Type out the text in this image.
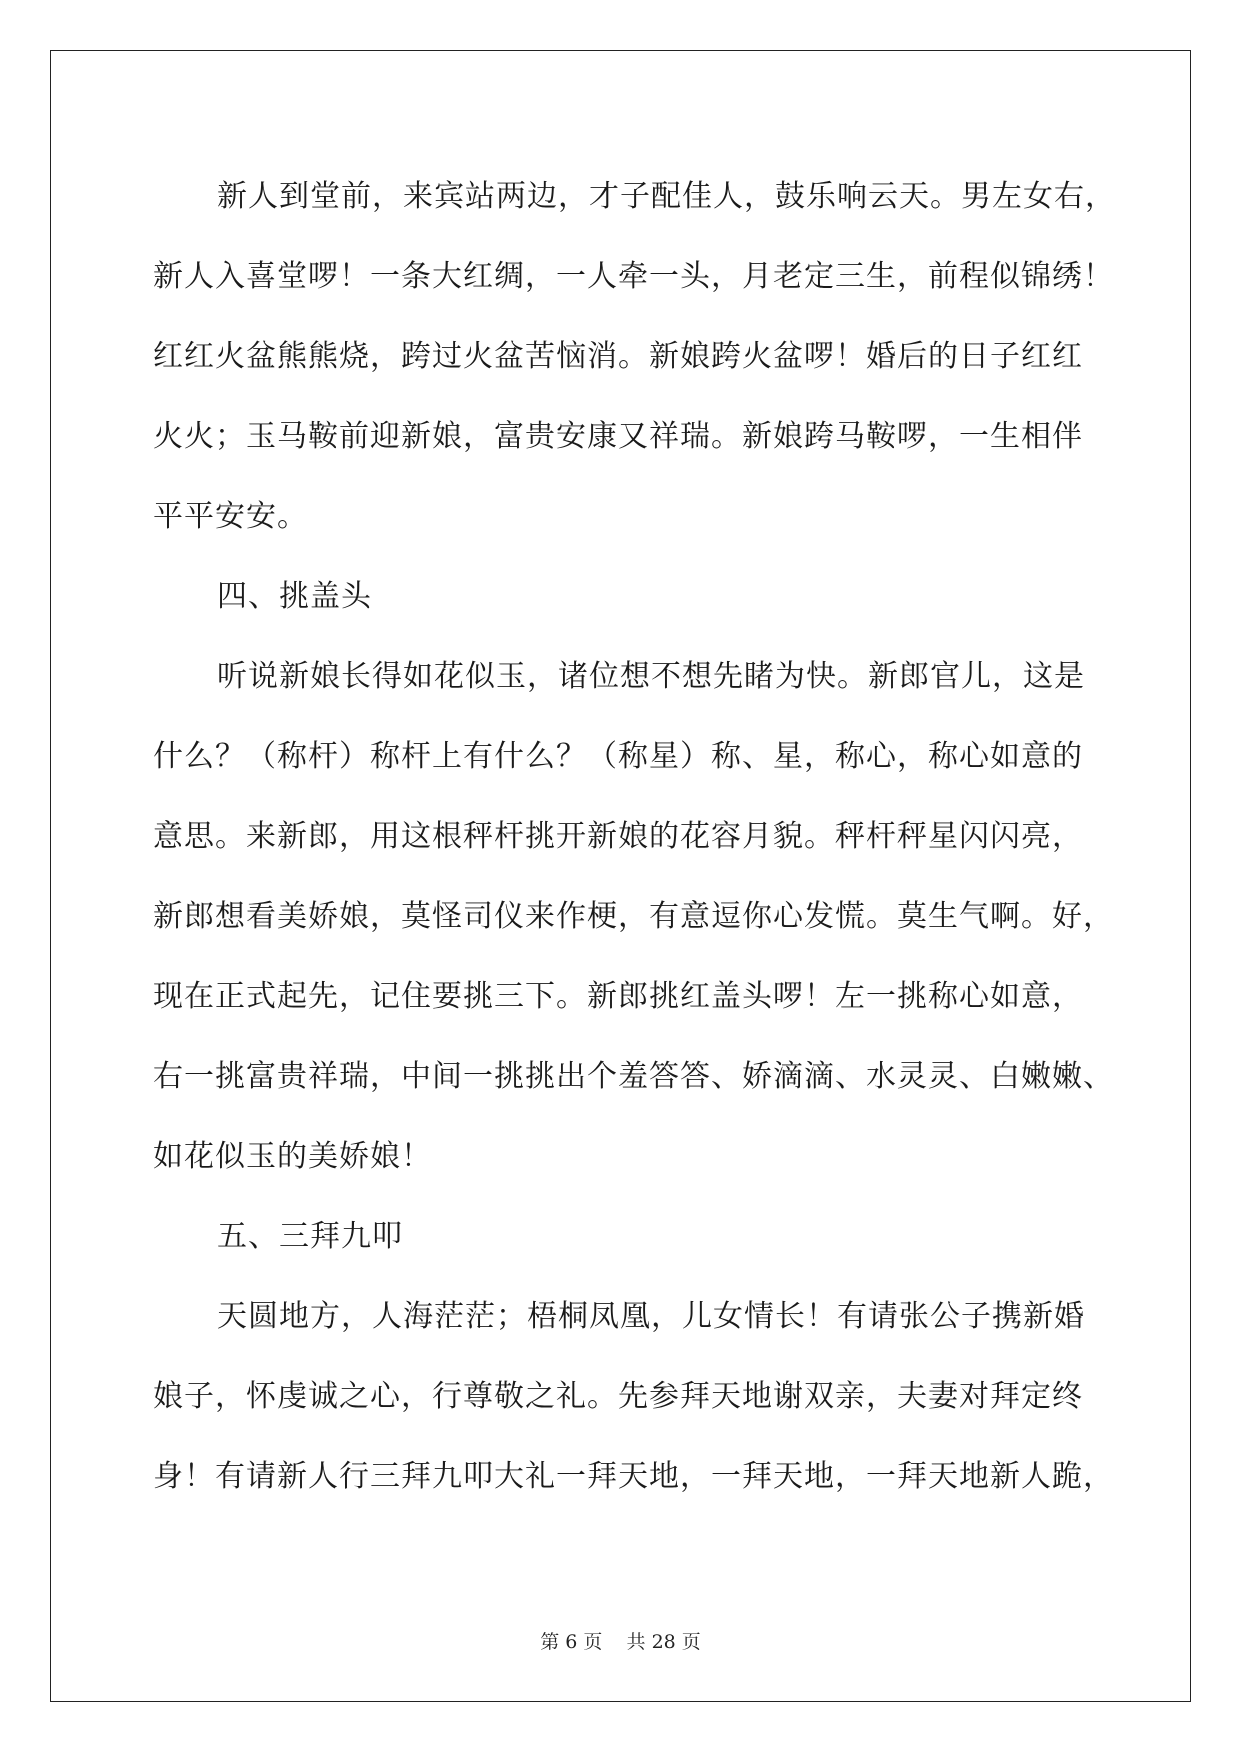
新人到堂前，来宾站两边，才子配佳人，鼓乐响云天。男左女右，
新人入喜堂啰！一条大红绸，一人牵一头，月老定三生，前程似锦绣！
红红火盆熊熊烧，跨过火盆苦恼消。新娘跨火盆啰！婚后的日子红红
火火；玉马鞍前迎新娘，富贵安康又祥瑞。新娘跨马鞍啰，一生相伴
平平安安。
四、挑盖头
听说新娘长得如花似玉，诸位想不想先睹为快。新郎官儿，这是
什么？（称杆）称杆上有什么？（称星）称、星，称心，称心如意的
意思。来新郎，用这根秤杆挑开新娘的花容月貌。秤杆秤星闪闪亮，
新郎想看美娇娘，莫怪司仪来作梗，有意逗你心发慌。莫生气啊。好，
现在正式起先，记住要挑三下。新郎挑红盖头啰！左一挑称心如意，
右一挑富贵祥瑞，中间一挑挑出个羞答答、娇滴滴、水灵灵、白嫩嫩、
如花似玉的美娇娘！
五、三拜九叩
天圆地方，人海茫茫；梧桐凤凰，儿女情长！有请张公子携新婚
娘子，怀虔诚之心，行尊敬之礼。先参拜天地谢双亲，夫妻对拜定终
身！有请新人行三拜九叩大礼一拜天地，一拜天地，一拜天地新人跪，
第 6 页    共 28 页
